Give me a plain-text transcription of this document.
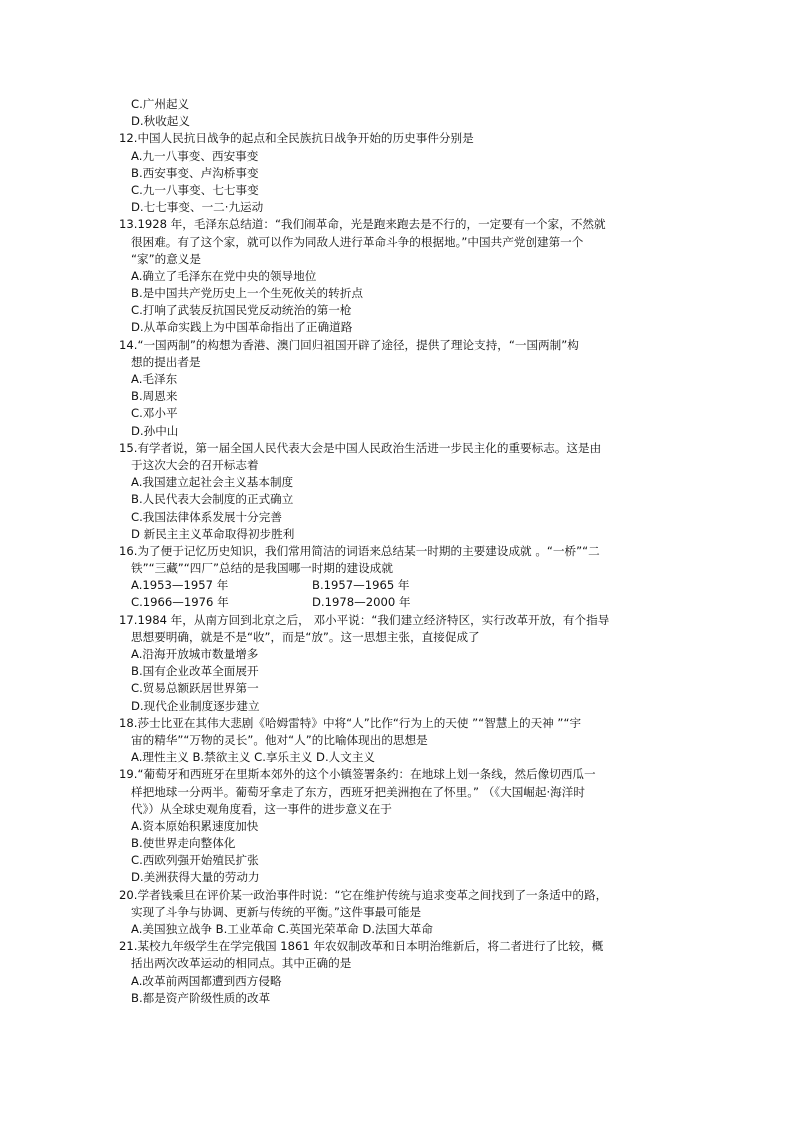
C.广州起义
D.秋收起义
12.中国人民抗日战争的起点和全民族抗日战争开始的历史事件分别是
A.九一八事变、西安事变
B.西安事变、卢沟桥事变
C.九一八事变、七七事变
D.七七事变、一二·九运动
13.1928 年，毛泽东总结道：“我们闹革命，光是跑来跑去是不行的，一定要有一个家，不然就
很困难。有了这个家，就可以作为同敌人进行革命斗争的根据地。”中国共产党创建第一个
“家”的意义是
A.确立了毛泽东在党中央的领导地位
B.是中国共产党历史上一个生死攸关的转折点
C.打响了武装反抗国民党反动统治的第一枪
D.从革命实践上为中国革命指出了正确道路
14.“一国两制”的构想为香港、澳门回归祖国开辟了途径，提供了理论支持，“一国两制”构
想的提出者是
A.毛泽东
B.周恩来
C.邓小平
D.孙中山
15.有学者说，第一届全国人民代表大会是中国人民政治生活进一步民主化的重要标志。这是由
于这次大会的召开标志着
A.我国建立起社会主义基本制度
B.人民代表大会制度的正式确立
C.我国法律体系发展十分完善
D 新民主主义革命取得初步胜利
16.为了便于记忆历史知识，我们常用简洁的词语来总结某一时期的主要建设成就 。“一桥”“二
铁”“三藏”“四厂”总结的是我国哪一时期的建设成就
A.1953—1957 年	B.1957—1965 年
C.1966—1976 年	D.1978—2000 年
17.1984 年，从南方回到北京之后， 邓小平说：“我们建立经济特区，实行改革开放，有个指导
思想要明确，就是不是“收”，而是“放”。这一思想主张，直接促成了
A.沿海开放城市数量增多
B.国有企业改革全面展开
C.贸易总额跃居世界第一
D.现代企业制度逐步建立
18.莎士比亚在其伟大悲剧《哈姆雷特》中将“人”比作“行为上的天使 ”“智慧上的天神 ”“宇
宙的精华”“万物的灵长”。他对“人”的比喻体现出的思想是
A.理性主义 B.禁欲主义 C.享乐主义 D.人文主义
19.“葡萄牙和西班牙在里斯本郊外的这个小镇签署条约：在地球上划一条线，然后像切西瓜一
样把地球一分两半。葡萄牙拿走了东方，西班牙把美洲抱在了怀里。” （《大国崛起·海洋时
代》）从全球史观角度看，这一事件的进步意义在于
A.资本原始积累速度加快
B.使世界走向整体化
C.西欧列强开始殖民扩张
D.美洲获得大量的劳动力
20.学者钱乘旦在评价某一政治事件时说：“它在维护传统与追求变革之间找到了一条适中的路，
实现了斗争与协调、更新与传统的平衡。”这件事最可能是
A.美国独立战争 B.工业革命 C.英国光荣革命 D.法国大革命
21.某校九年级学生在学完俄国 1861 年农奴制改革和日本明治维新后，将二者进行了比较，概
括出两次改革运动的相同点。其中正确的是
A.改革前两国都遭到西方侵略
B.都是资产阶级性质的改革
